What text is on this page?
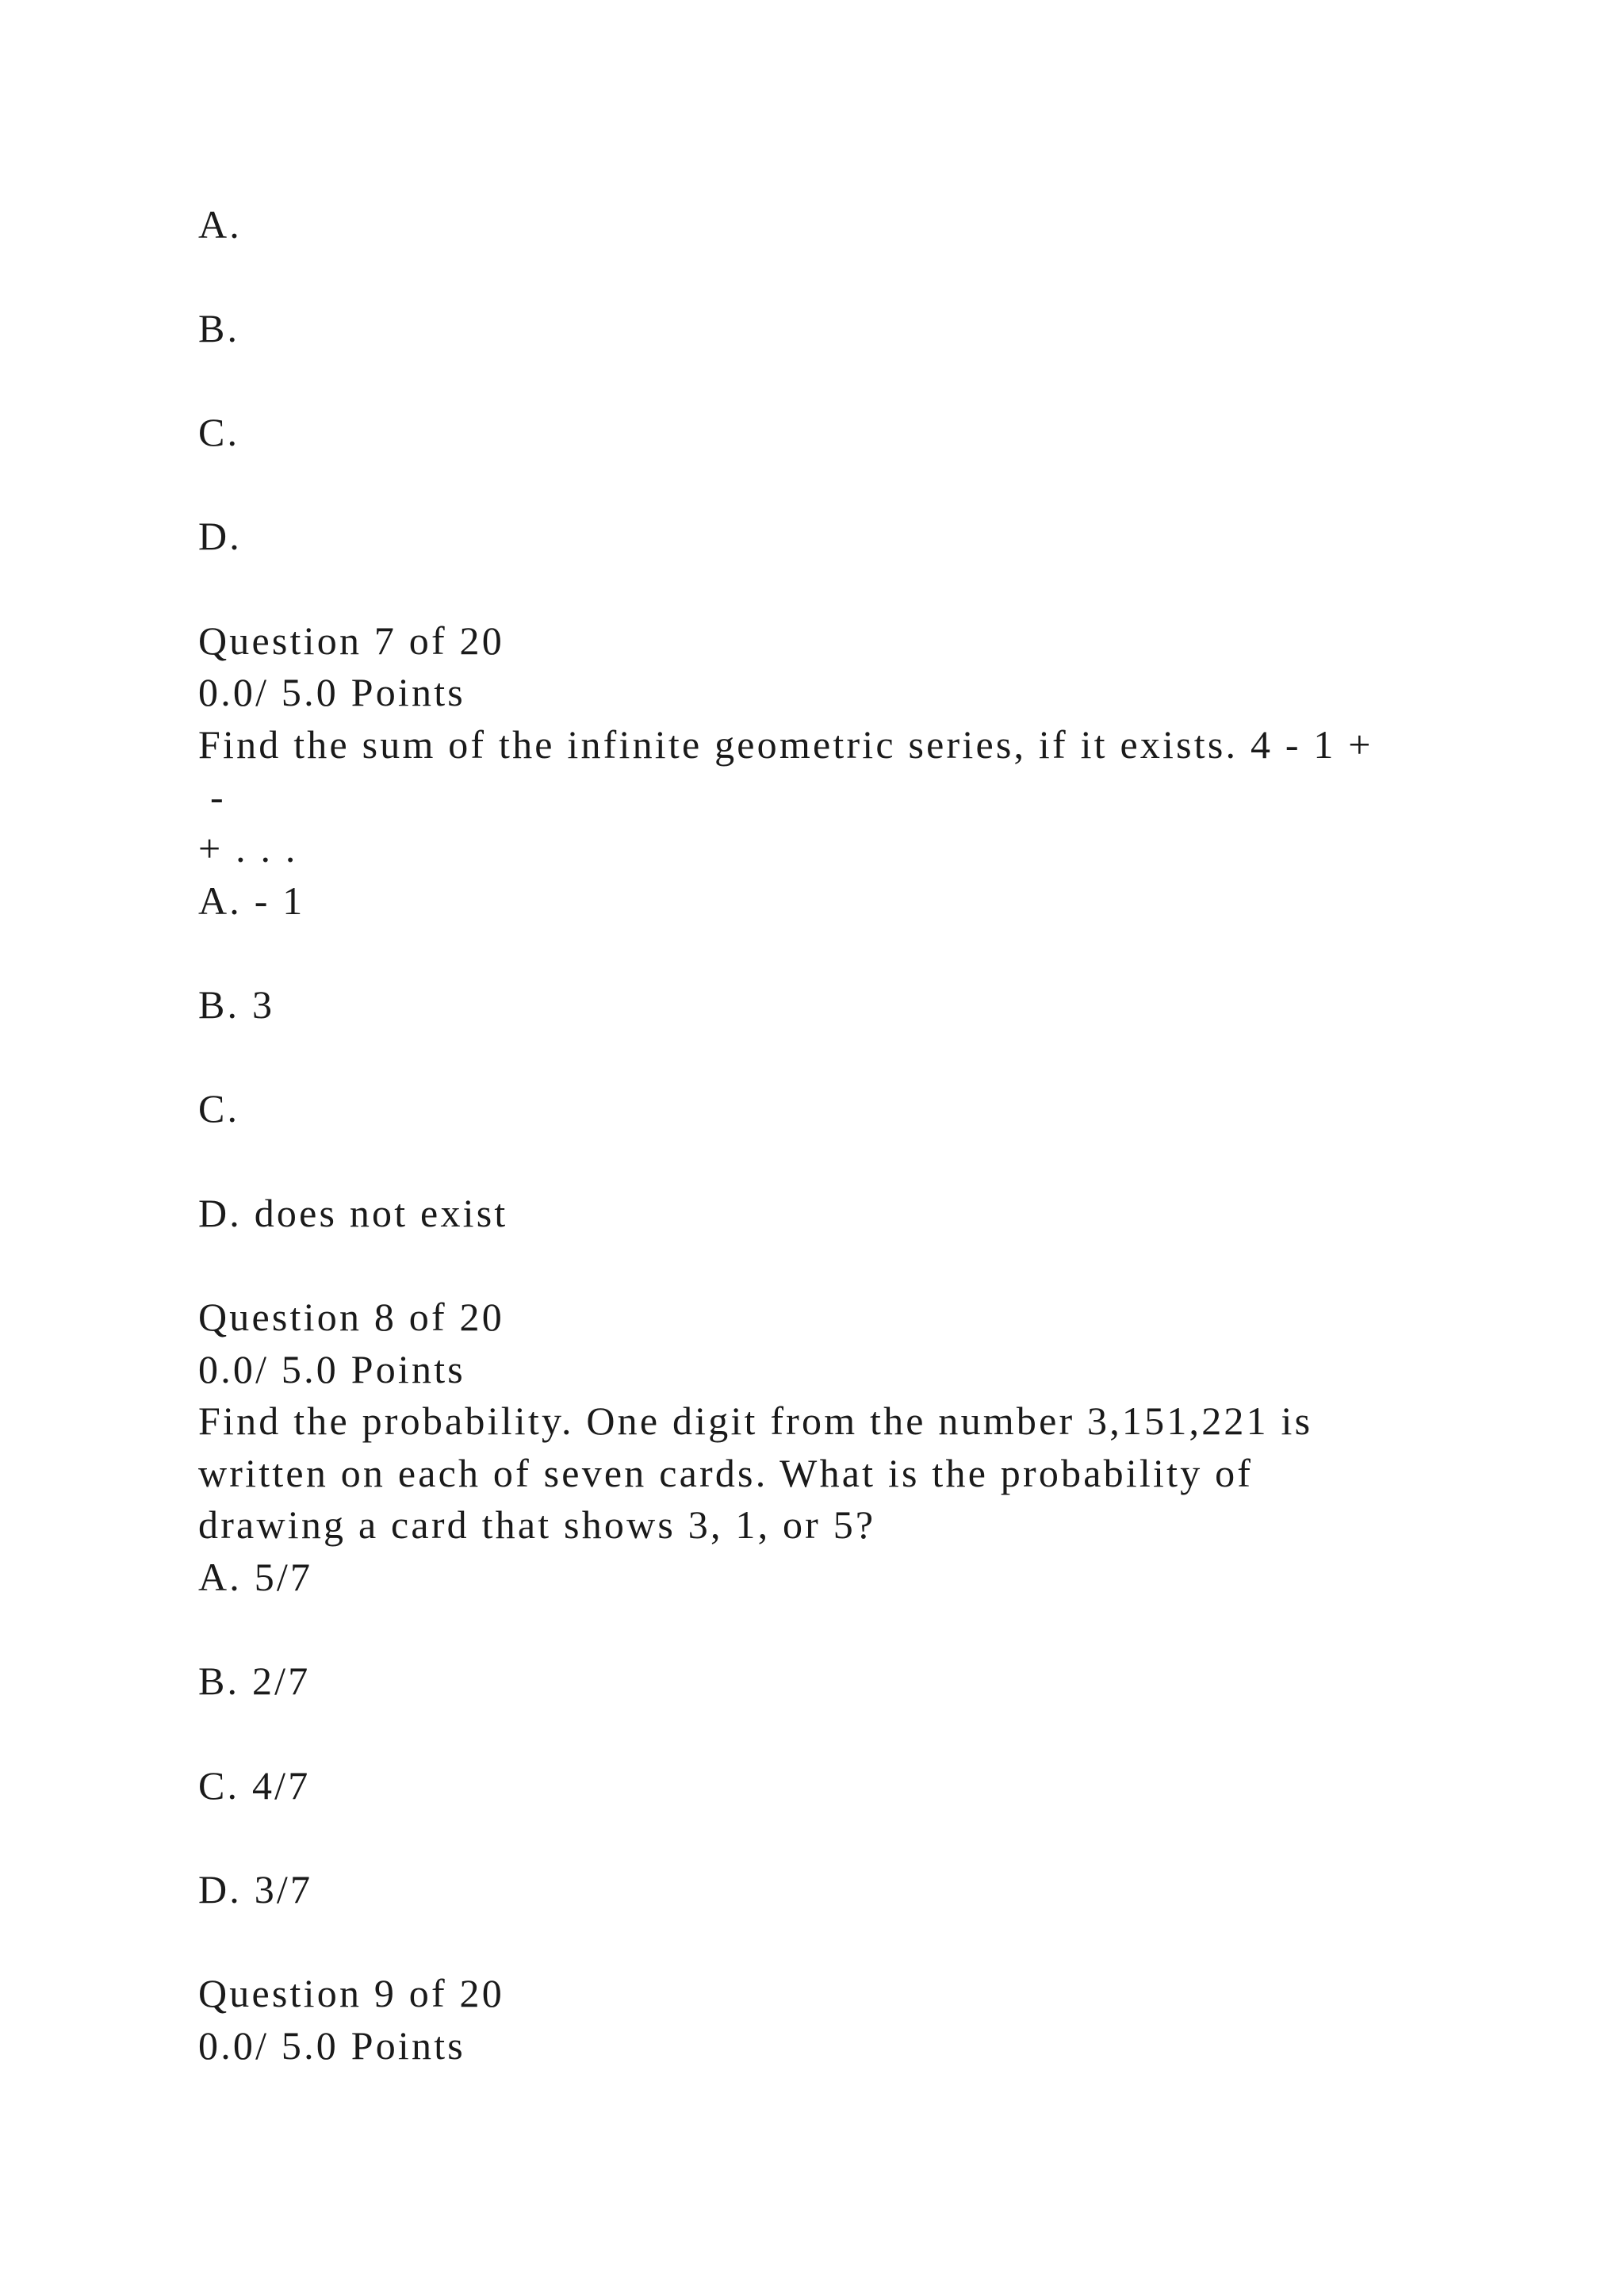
A.
B.
C.
D.
Question 7 of 20
0.0/ 5.0 Points
Find the sum of the infinite geometric series, if it exists. 4 - 1 +
-
+ . . .
A. - 1
B. 3
C.
D. does not exist
Question 8 of 20
0.0/ 5.0 Points
Find the probability. One digit from the number 3,151,221 is
written on each of seven cards. What is the probability of
drawing a card that shows 3, 1, or 5?
A. 5/7
B. 2/7
C. 4/7
D. 3/7
Question 9 of 20
0.0/ 5.0 Points
